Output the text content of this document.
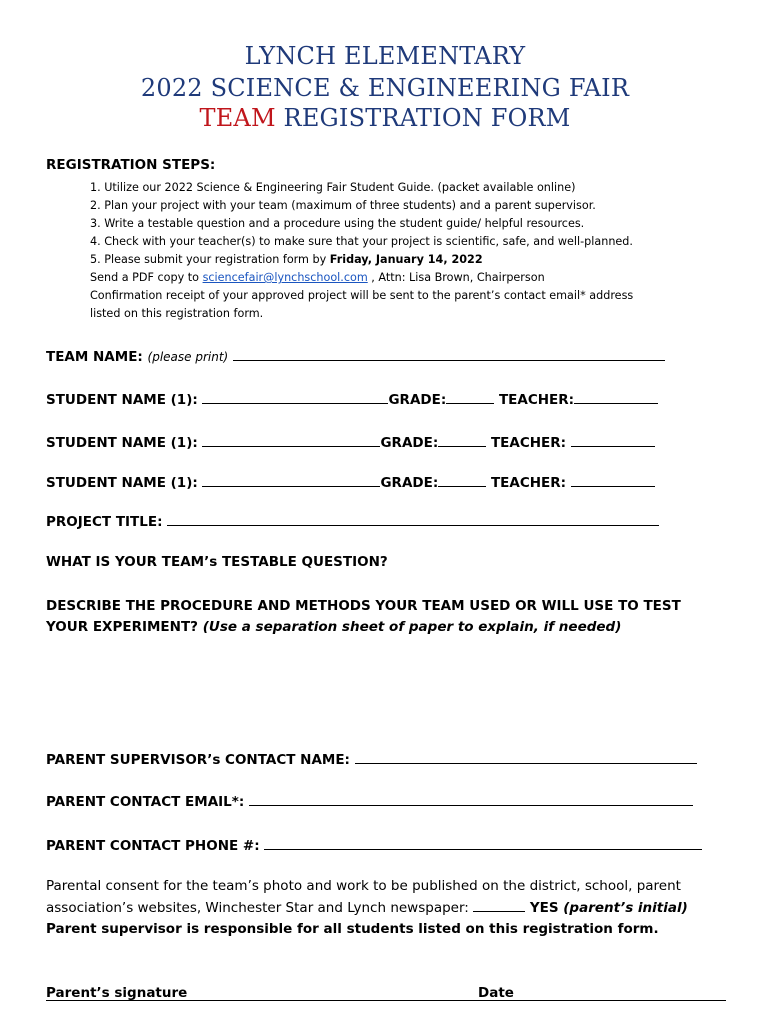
LYNCH ELEMENTARY
2022 SCIENCE & ENGINEERING FAIR
TEAM REGISTRATION FORM
REGISTRATION STEPS:
1. Utilize our 2022 Science & Engineering Fair Student Guide. (packet available online)
2. Plan your project with your team (maximum of three students) and a parent supervisor.
3. Write a testable question and a procedure using the student guide/ helpful resources.
4. Check with your teacher(s) to make sure that your project is scientific, safe, and well-planned.
5. Please submit your registration form by Friday, January 14, 2022
Send a PDF copy to sciencefair@lynchschool.com , Attn: Lisa Brown, Chairperson
Confirmation receipt of your approved project will be sent to the parent’s contact email* address
listed on this registration form.
TEAM NAME: (please print)
STUDENT NAME (1):	GRADE:	TEACHER:
STUDENT NAME (1):	GRADE:	TEACHER:
STUDENT NAME (1):	GRADE:	TEACHER:
PROJECT TITLE:
WHAT IS YOUR TEAM’s TESTABLE QUESTION?
DESCRIBE THE PROCEDURE AND METHODS YOUR TEAM USED OR WILL USE TO TEST
YOUR EXPERIMENT? (Use a separation sheet of paper to explain, if needed)
PARENT SUPERVISOR’s CONTACT NAME:
PARENT CONTACT EMAIL*:
PARENT CONTACT PHONE #:
Parental consent for the team’s photo and work to be published on the district, school, parent
association’s websites, Winchester Star and Lynch newspaper:	YES (parent’s initial)
Parent supervisor is responsible for all students listed on this registration form.
Parent’s signature	Date
